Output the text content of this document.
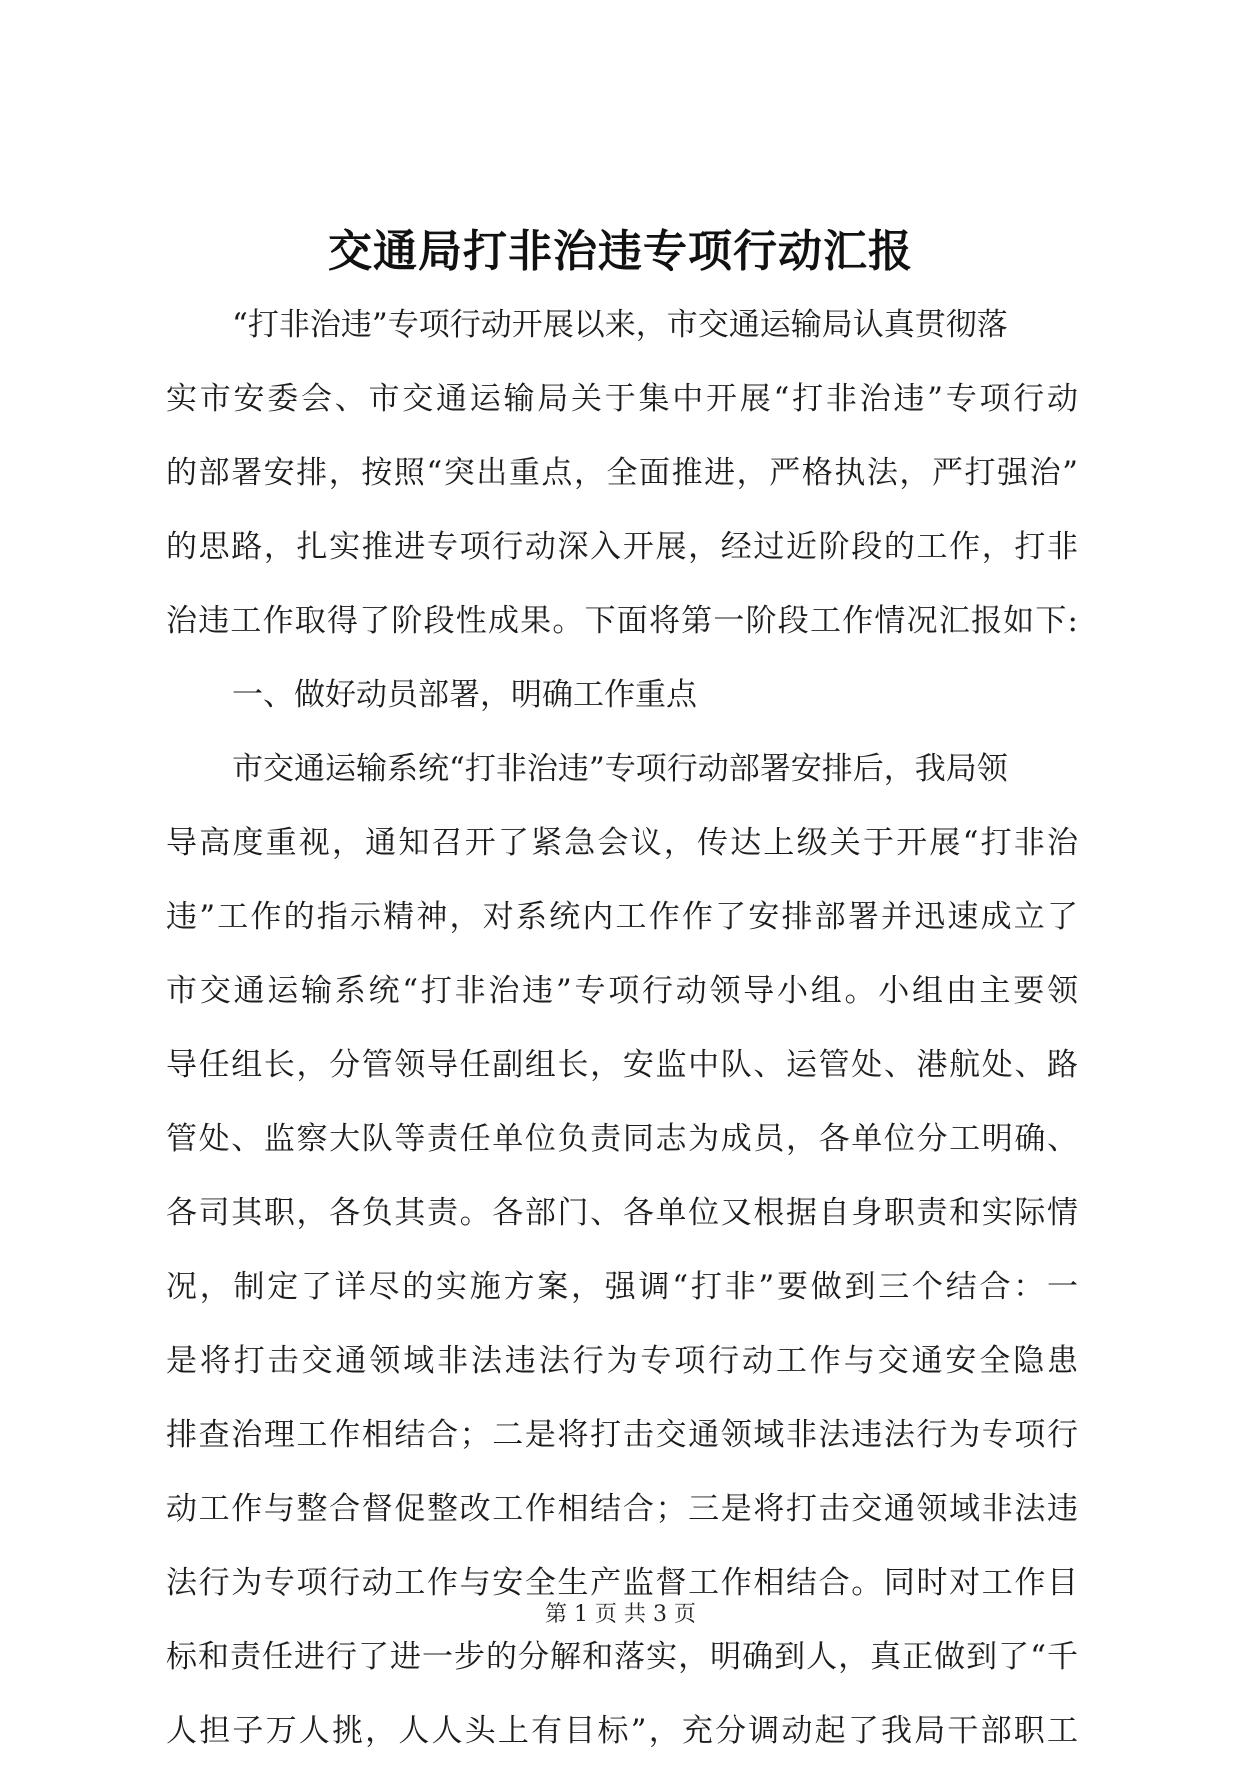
交通局打非治违专项行动汇报
“打非治违”专项行动开展以来，市交通运输局认真贯彻落
实市安委会、市交通运输局关于集中开展“打非治违”专项行动
的部署安排，按照“突出重点，全面推进，严格执法，严打强治”
的思路，扎实推进专项行动深入开展，经过近阶段的工作，打非
治违工作取得了阶段性成果。下面将第一阶段工作情况汇报如下:
一、做好动员部署，明确工作重点
市交通运输系统“打非治违”专项行动部署安排后，我局领
导高度重视，通知召开了紧急会议，传达上级关于开展“打非治
违”工作的指示精神，对系统内工作作了安排部署并迅速成立了
市交通运输系统“打非治违”专项行动领导小组。小组由主要领
导任组长，分管领导任副组长，安监中队、运管处、港航处、路
管处、监察大队等责任单位负责同志为成员，各单位分工明确、
各司其职，各负其责。各部门、各单位又根据自身职责和实际情
况，制定了详尽的实施方案，强调“打非”要做到三个结合：一
是将打击交通领域非法违法行为专项行动工作与交通安全隐患
排查治理工作相结合；二是将打击交通领域非法违法行为专项行
动工作与整合督促整改工作相结合；三是将打击交通领域非法违
法行为专项行动工作与安全生产监督工作相结合。同时对工作目
标和责任进行了进一步的分解和落实，明确到人，真正做到了“千
人担子万人挑，人人头上有目标”，充分调动起了我局干部职工
第 1 页 共 3 页
